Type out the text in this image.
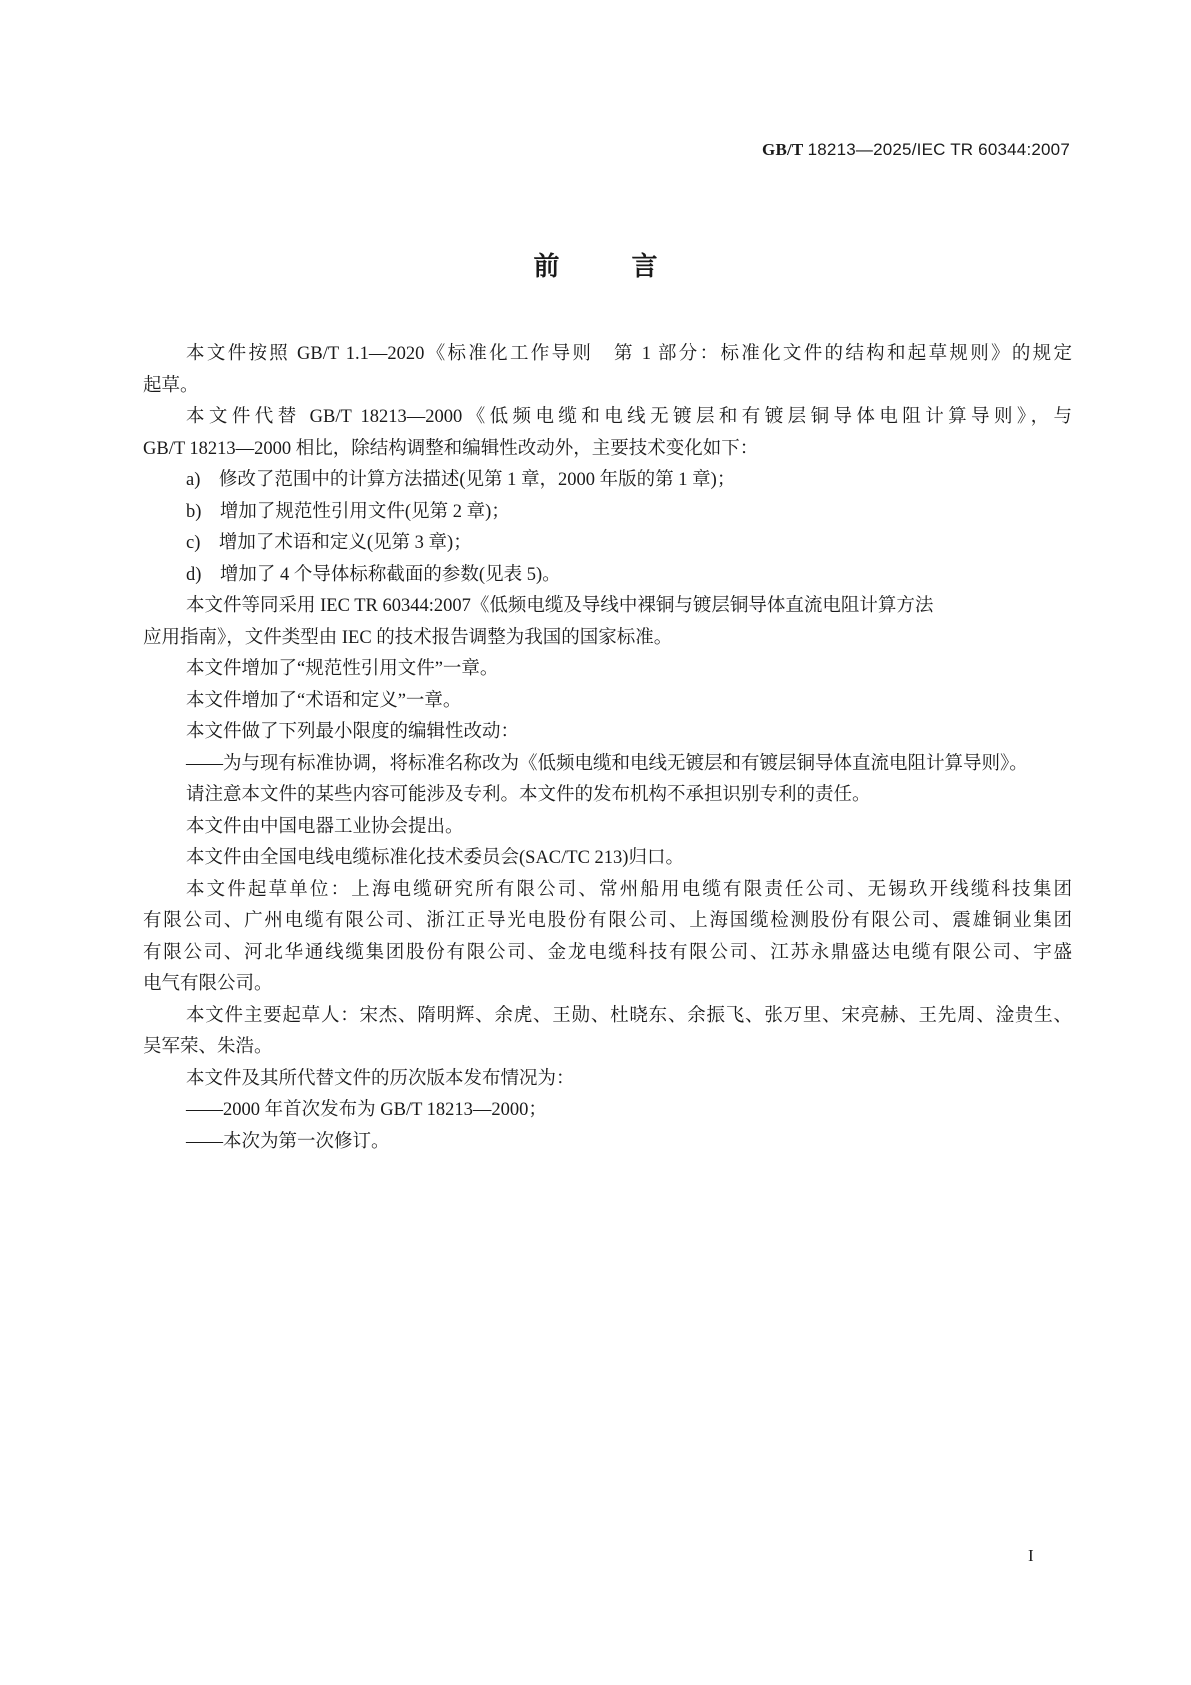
GB/T 18213—2025/IEC TR 60344:2007
前	言
本文件按照 GB/T 1.1—2020《标准化工作导则　第 1 部分：标准化文件的结构和起草规则》的规定
起草。
本文件代替 GB/T 18213—2000《低频电缆和电线无镀层和有镀层铜导体电阻计算导则》，与
GB/T 18213—2000 相比，除结构调整和编辑性改动外，主要技术变化如下：
a)　修改了范围中的计算方法描述(见第 1 章，2000 年版的第 1 章)；
b)　增加了规范性引用文件(见第 2 章)；
c)　增加了术语和定义(见第 3 章)；
d)　增加了 4 个导体标称截面的参数(见表 5)。
本文件等同采用 IEC TR 60344:2007《低频电缆及导线中裸铜与镀层铜导体直流电阻计算方法
应用指南》，文件类型由 IEC 的技术报告调整为我国的国家标准。
本文件增加了“规范性引用文件”一章。
本文件增加了“术语和定义”一章。
本文件做了下列最小限度的编辑性改动：
——为与现有标准协调，将标准名称改为《低频电缆和电线无镀层和有镀层铜导体直流电阻计算导则》。
请注意本文件的某些内容可能涉及专利。本文件的发布机构不承担识别专利的责任。
本文件由中国电器工业协会提出。
本文件由全国电线电缆标准化技术委员会(SAC/TC 213)归口。
本文件起草单位：上海电缆研究所有限公司、常州船用电缆有限责任公司、无锡玖开线缆科技集团
有限公司、广州电缆有限公司、浙江正导光电股份有限公司、上海国缆检测股份有限公司、震雄铜业集团
有限公司、河北华通线缆集团股份有限公司、金龙电缆科技有限公司、江苏永鼎盛达电缆有限公司、宇盛
电气有限公司。
本文件主要起草人：宋杰、隋明辉、余虎、王勋、杜晓东、余振飞、张万里、宋亮赫、王先周、淦贵生、
吴军荣、朱浩。
本文件及其所代替文件的历次版本发布情况为：
——2000 年首次发布为 GB/T 18213—2000；
——本次为第一次修订。
I
